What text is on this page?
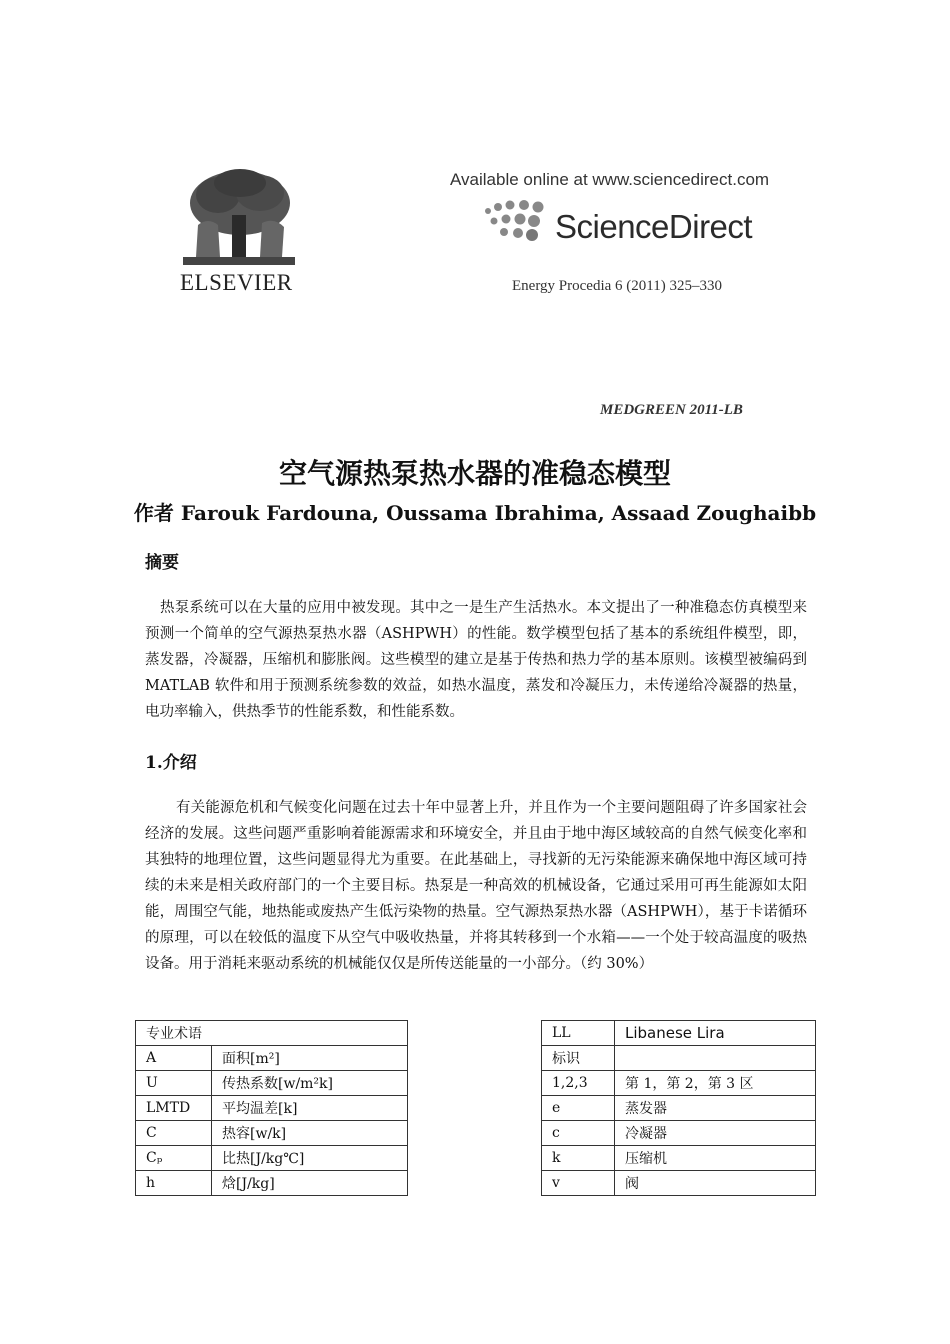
ELSEVIER
Available online at www.sciencedirect.com
ScienceDirect
Energy Procedia 6 (2011) 325–330
MEDGREEN 2011-LB
空气源热泵热水器的准稳态模型
作者 Farouk Fardouna, Oussama Ibrahima, Assaad Zoughaibb
摘要

热泵系统可以在大量的应用中被发现。其中之一是生产生活热水。本文提出了一种准稳态仿真模型来预测一个简单的空气源热泵热水器（ASHPWH）的性能。数学模型包括了基本的系统组件模型，即，蒸发器，冷凝器，压缩机和膨胀阀。这些模型的建立是基于传热和热力学的基本原则。该模型被编码到 MATLAB 软件和用于预测系统参数的效益，如热水温度，蒸发和冷凝压力，未传递给冷凝器的热量，电功率输入，供热季节的性能系数，和性能系数。

1.介绍

有关能源危机和气候变化问题在过去十年中显著上升，并且作为一个主要问题阻碍了许多国家社会经济的发展。这些问题严重影响着能源需求和环境安全，并且由于地中海区域较高的自然气候变化率和其独特的地理位置，这些问题显得尤为重要。在此基础上，寻找新的无污染能源来确保地中海区域可持续的未来是相关政府部门的一个主要目标。热泵是一种高效的机械设备，它通过采用可再生能源如太阳能，周围空气能，地热能或废热产生低污染物的热量。空气源热泵热水器（ASHPWH），基于卡诺循环的原理，可以在较低的温度下从空气中吸收热量，并将其转移到一个水箱——一个处于较高温度的吸热设备。用于消耗来驱动系统的机械能仅仅是所传送能量的一小部分。（约 30%）

专业术语	
A	面积[m²]
U	传热系数[w/m²k]
LMTD	平均温差[k]
C	热容[w/k]
Cₚ	比热[J/kg℃]
h	焓[J/kg]
LL	Libanese Lira
标识	
1,2,3	第 1，第 2，第 3 区
e	蒸发器
c	冷凝器
k	压缩机
v	阀
